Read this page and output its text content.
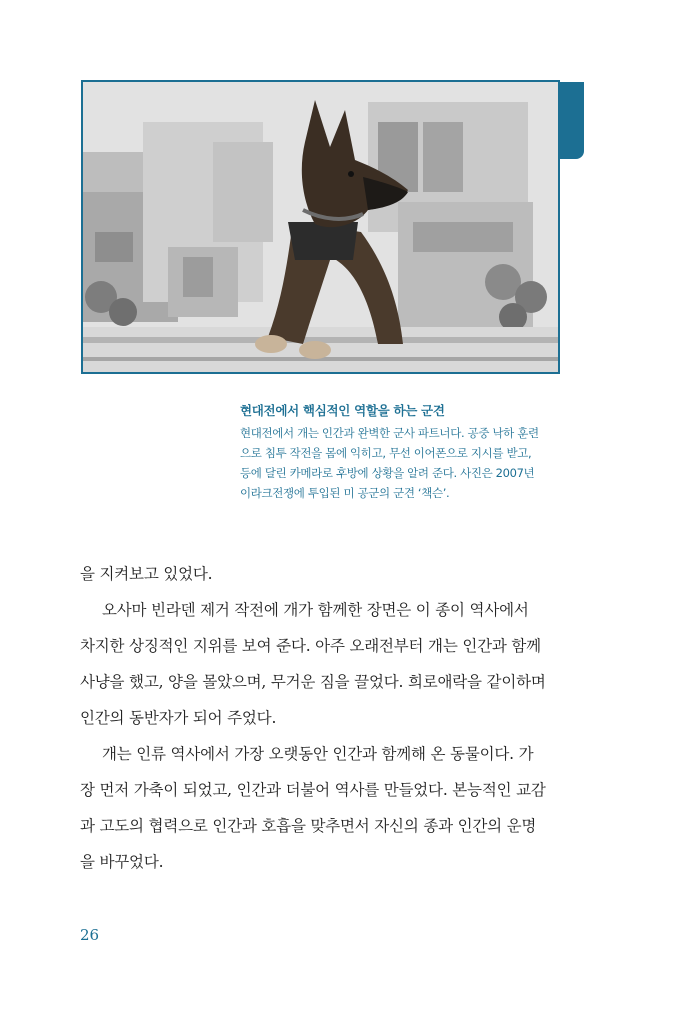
현대전에서 핵심적인 역할을 하는 군견
현대전에서 개는 인간과 완벽한 군사 파트너다. 공중 낙하 훈련
으로 침투 작전을 몸에 익히고, 무선 이어폰으로 지시를 받고,
등에 달린 카메라로 후방에 상황을 알려 준다. 사진은 2007년
이라크전쟁에 투입된 미 공군의 군견 ‘책슨’.
을 지켜보고 있었다.
오사마 빈라덴 제거 작전에 개가 함께한 장면은 이 종이 역사에서
차지한 상징적인 지위를 보여 준다. 아주 오래전부터 개는 인간과 함께
사냥을 했고, 양을 몰았으며, 무거운 짐을 끌었다. 희로애락을 같이하며
인간의 동반자가 되어 주었다.
개는 인류 역사에서 가장 오랫동안 인간과 함께해 온 동물이다. 가
장 먼저 가축이 되었고, 인간과 더불어 역사를 만들었다. 본능적인 교감
과 고도의 협력으로 인간과 호흡을 맞추면서 자신의 종과 인간의 운명
을 바꾸었다.
26
